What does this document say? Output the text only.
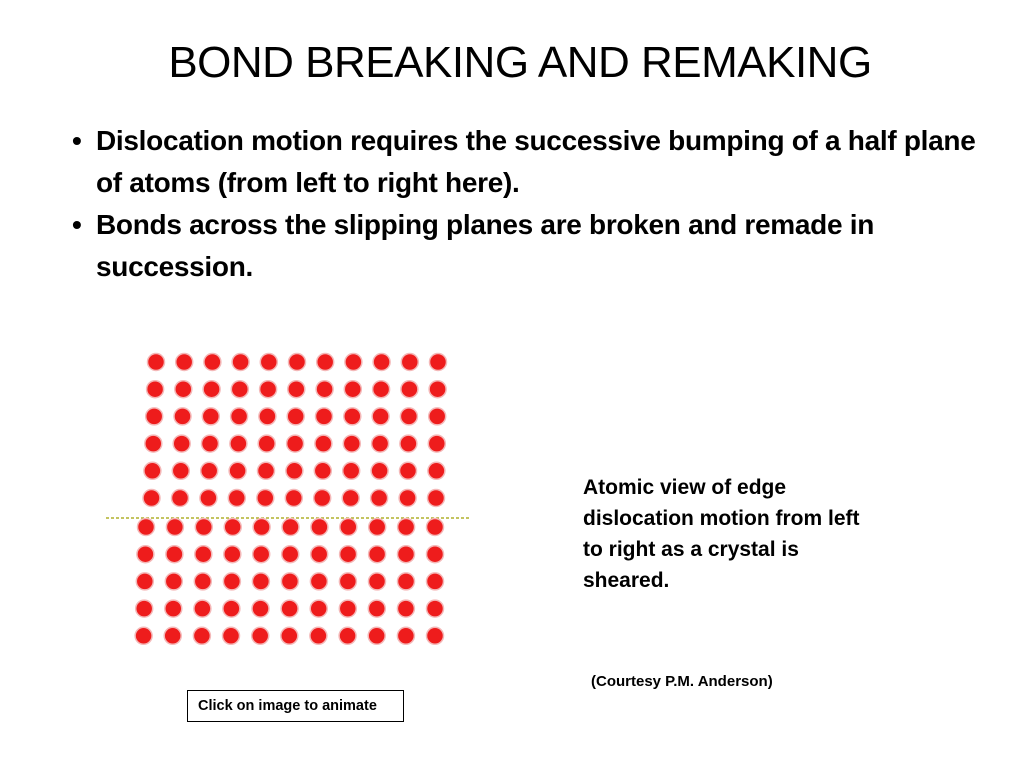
BOND BREAKING AND REMAKING
• Dislocation motion requires the successive bumping of a half plane of atoms (from left to right here).
• Bonds across the slipping planes are broken and remade in succession.
Atomic view of edge dislocation motion from left to right as a crystal is sheared.
(Courtesy P.M. Anderson)
Click on image to animate
